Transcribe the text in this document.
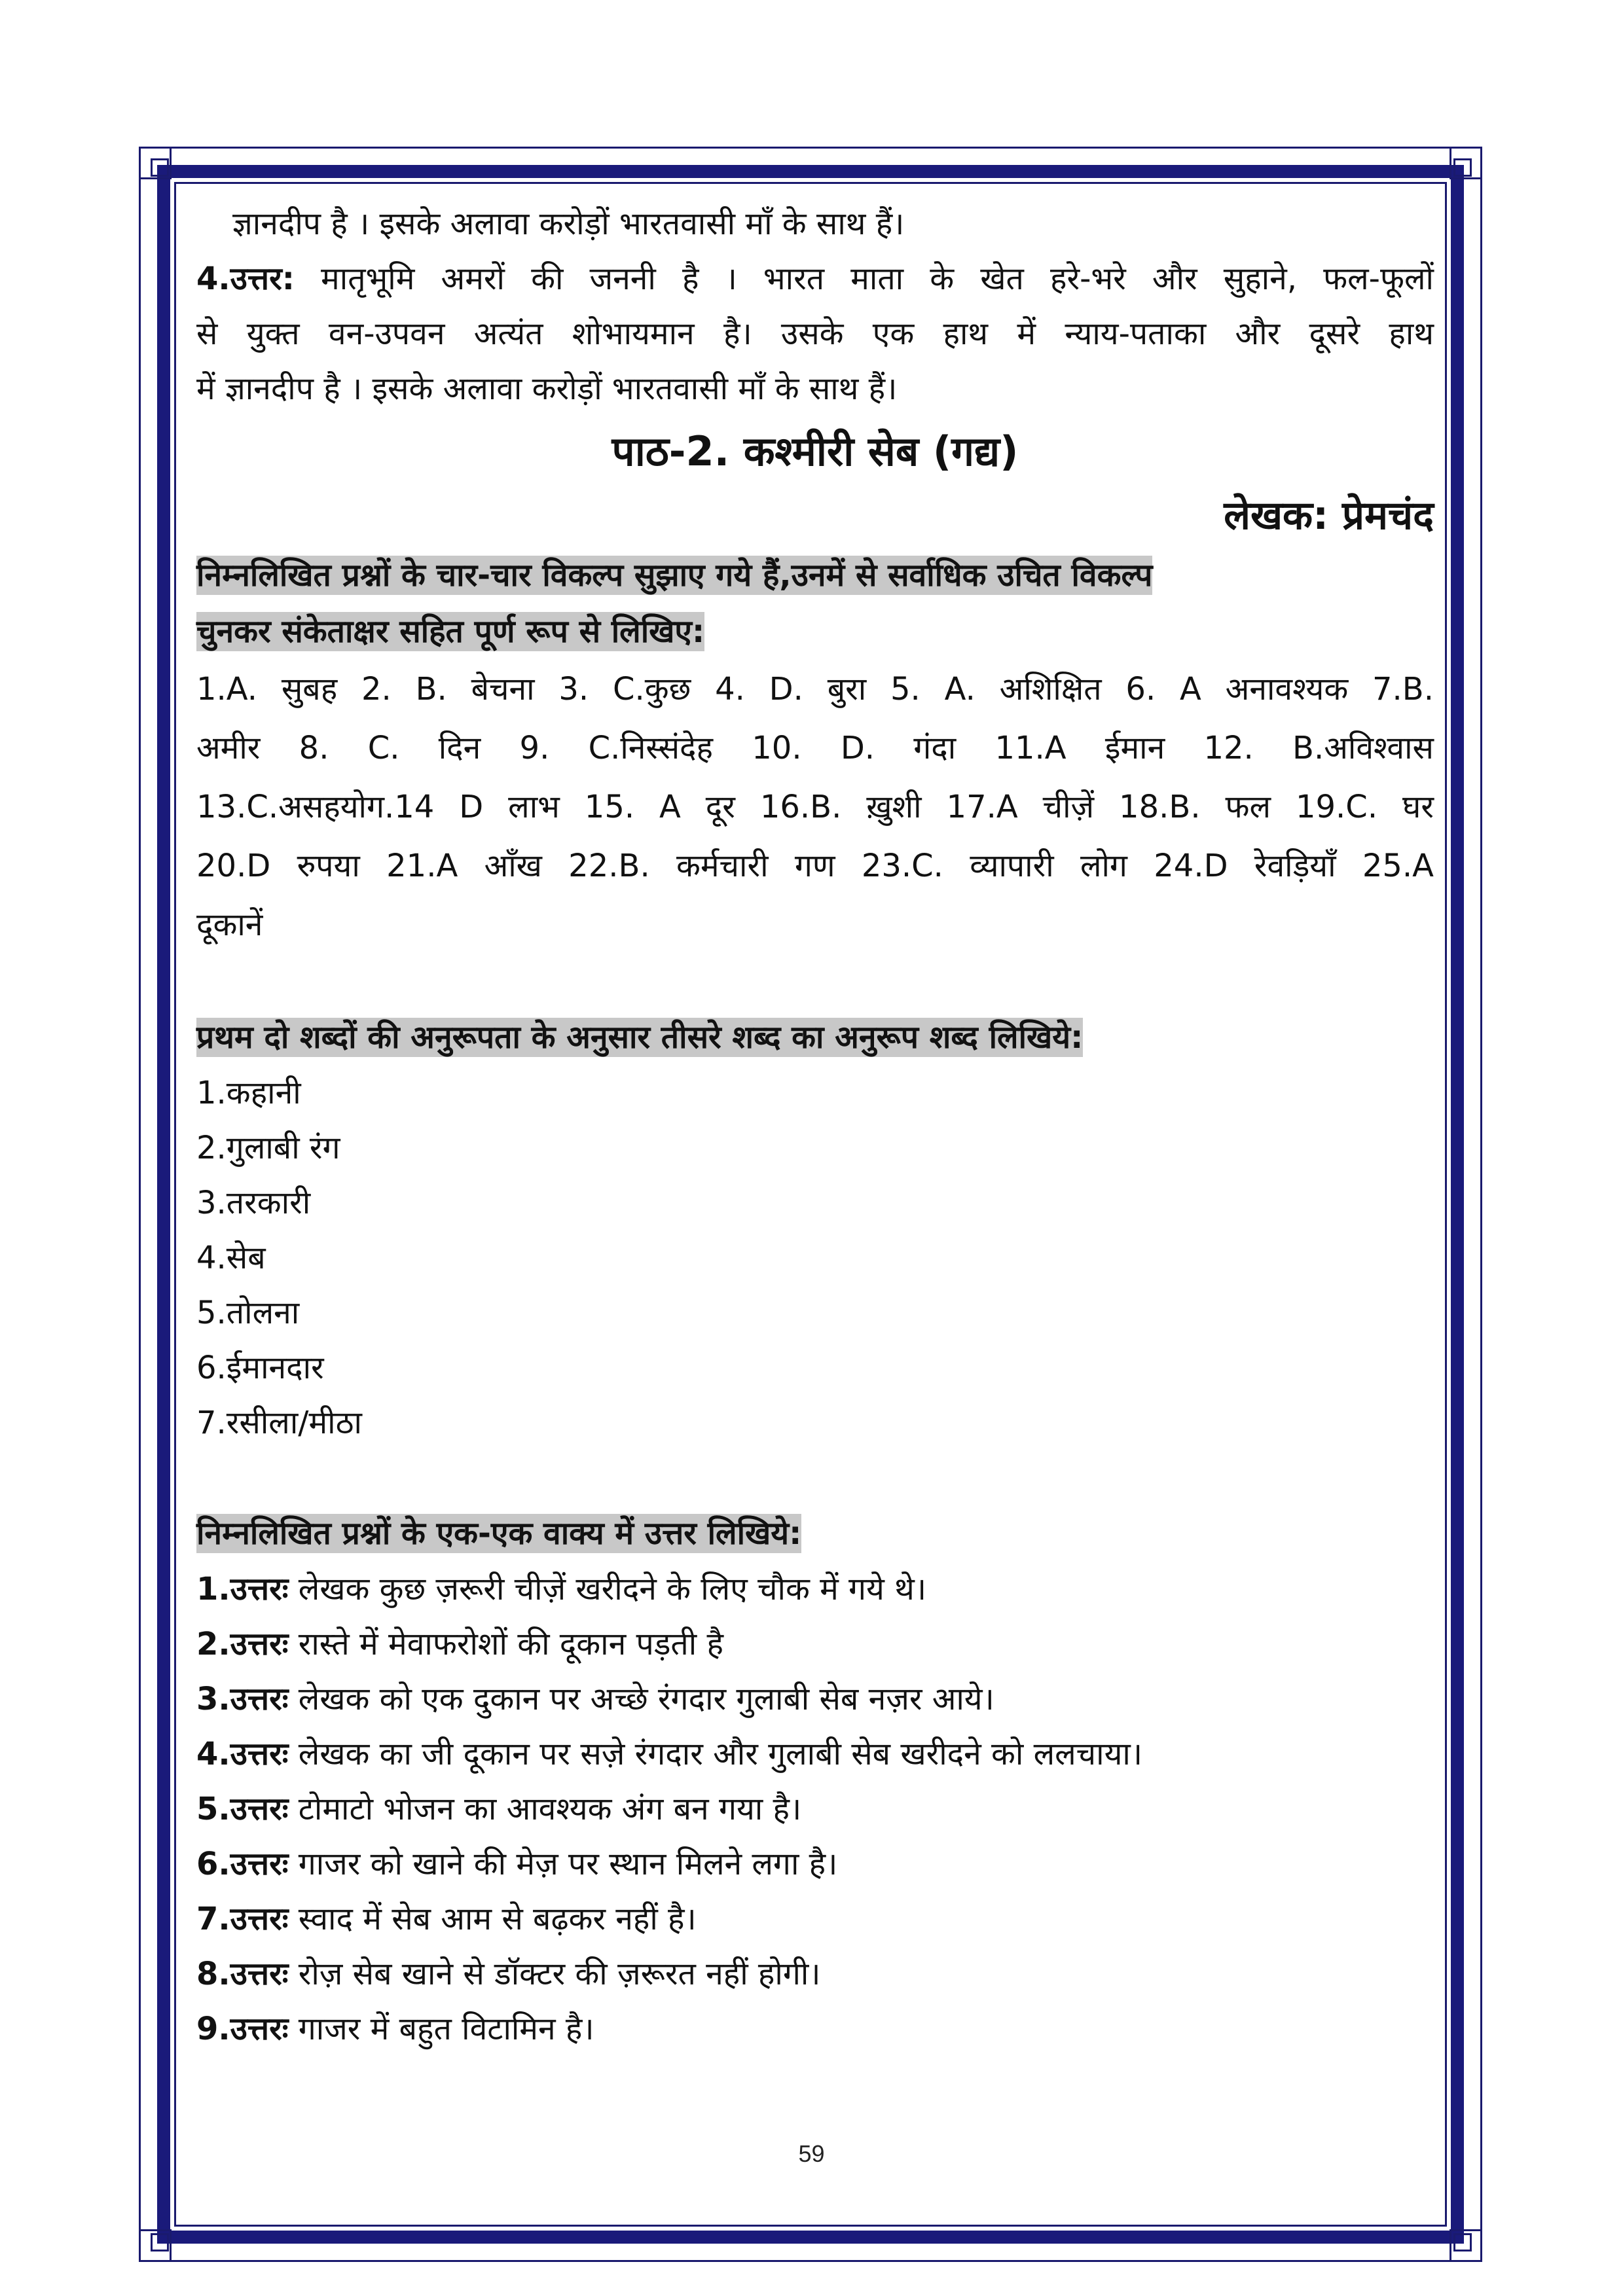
ज्ञानदीप है । इसके अलावा करोड़ों भारतवासी माँ के साथ हैं।
4.उत्तर: मातृभूमि अमरों की जननी है । भारत माता के खेत हरे-भरे और सुहाने, फल-फूलों
से युक्त वन-उपवन अत्यंत शोभायमान है। उसके एक हाथ में न्याय-पताका और दूसरे हाथ
में ज्ञानदीप है । इसके अलावा करोड़ों भारतवासी माँ के साथ हैं।
पाठ-2. कश्मीरी सेब (गद्य)
लेखक: प्रेमचंद
निम्नलिखित प्रश्नों के चार-चार विकल्प सुझाए गये हैं,उनमें से सर्वाधिक उचित विकल्प
चुनकर संकेताक्षर सहित पूर्ण रूप से लिखिए:
1.A. सुबह 2. B. बेचना 3. C.कुछ 4. D. बुरा 5. A. अशिक्षित 6. A अनावश्यक 7.B.
अमीर 8. C. दिन 9. C.निस्संदेह 10. D. गंदा 11.A ईमान 12. B.अविश्वास
13.C.असहयोग.14 D लाभ 15. A दूर 16.B. ख़ुशी 17.A चीज़ें 18.B. फल 19.C. घर
20.D रुपया 21.A आँख 22.B. कर्मचारी गण 23.C. व्यापारी लोग 24.D रेवड़ियाँ 25.A
दूकानें
प्रथम दो शब्दों की अनुरूपता के अनुसार तीसरे शब्द का अनुरूप शब्द लिखिये:
1.कहानी
2.गुलाबी रंग
3.तरकारी
4.सेब
5.तोलना
6.ईमानदार
7.रसीला/मीठा
निम्नलिखित प्रश्नों के एक-एक वाक्य में उत्तर लिखिये:
1.उत्तरः लेखक कुछ ज़रूरी चीज़ें खरीदने के लिए चौक में गये थे।
2.उत्तरः रास्ते में मेवाफरोशों की दूकान पड़ती है
3.उत्तरः लेखक को एक दुकान पर अच्छे रंगदार गुलाबी सेब नज़र आये।
4.उत्तरः लेखक का जी दूकान पर सज़े रंगदार और गुलाबी सेब खरीदने को ललचाया।
5.उत्तरः टोमाटो भोजन का आवश्यक अंग बन गया है।
6.उत्तरः गाजर को खाने की मेज़ पर स्थान मिलने लगा है।
7.उत्तरः स्वाद में सेब आम से बढ़कर नहीं है।
8.उत्तरः रोज़ सेब खाने से डॉक्टर की ज़रूरत नहीं होगी।
9.उत्तरः गाजर में बहुत विटामिन है।
59
